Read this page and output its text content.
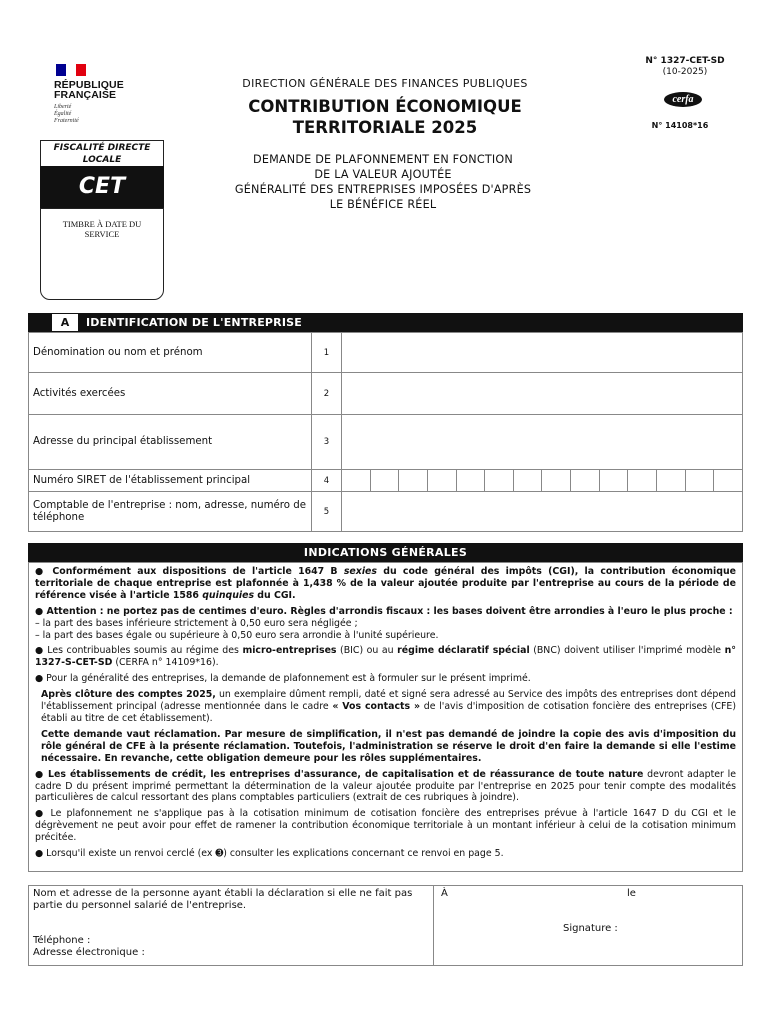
RÉPUBLIQUE
FRANÇAISE
Liberté
Égalité
Fraternité
DIRECTION GÉNÉRALE DES FINANCES PUBLIQUES
CONTRIBUTION ÉCONOMIQUE
TERRITORIALE 2025
N° 1327-CET-SD
(10-2025)
cerfa
N° 14108*16
FISCALITÉ DIRECTE
LOCALE
CET
TIMBRE À DATE DU
SERVICE
DEMANDE DE PLAFONNEMENT EN FONCTION
DE LA VALEUR AJOUTÉE
GÉNÉRALITÉ DES ENTREPRISES IMPOSÉES D'APRÈS
LE BÉNÉFICE RÉEL
A	IDENTIFICATION DE L'ENTREPRISE
Dénomination ou nom et prénom	1	
Activités exercées	2	
Adresse du principal établissement	3	
Numéro SIRET de l'établissement principal	4	

Comptable de l'entreprise : nom, adresse, numéro de téléphone	5	
INDICATIONS GÉNÉRALES

● Conformément aux dispositions de l'article 1647 B sexies du code général des impôts (CGI), la contribution économique territoriale de chaque entreprise est plafonnée à 1,438 % de la valeur ajoutée produite par l'entreprise au cours de la période de référence visée à l'article 1586 quinquies du CGI.

● Attention : ne portez pas de centimes d'euro. Règles d'arrondis fiscaux : les bases doivent être arrondies à l'euro le plus proche :

– la part des bases inférieure strictement à 0,50 euro sera négligée ;

– la part des bases égale ou supérieure à 0,50 euro sera arrondie à l'unité supérieure.

● Les contribuables soumis au régime des micro-entreprises (BIC) ou au régime déclaratif spécial (BNC) doivent utiliser l'imprimé modèle n° 1327-S-CET-SD (CERFA n° 14109*16).

● Pour la généralité des entreprises, la demande de plafonnement est à formuler sur le présent imprimé.

Après clôture des comptes 2025, un exemplaire dûment rempli, daté et signé sera adressé au Service des impôts des entreprises dont dépend l'établissement principal (adresse mentionnée dans le cadre « Vos contacts » de l'avis d'imposition de cotisation foncière des entreprises (CFE) établi au titre de cet établissement).

Cette demande vaut réclamation. Par mesure de simplification, il n'est pas demandé de joindre la copie des avis d'imposition du rôle général de CFE à la présente réclamation. Toutefois, l'administration se réserve le droit d'en faire la demande si elle l'estime nécessaire. En revanche, cette obligation demeure pour les rôles supplémentaires.

● Les établissements de crédit, les entreprises d'assurance, de capitalisation et de réassurance de toute nature devront adapter le cadre D du présent imprimé permettant la détermination de la valeur ajoutée produite par l'entreprise en 2025 pour tenir compte des modalités particulières de calcul ressortant des plans comptables particuliers (extrait de ces rubriques à joindre).

● Le plafonnement ne s'applique pas à la cotisation minimum de cotisation foncière des entreprises prévue à l'article 1647 D du CGI et le dégrèvement ne peut avoir pour effet de ramener la contribution économique territoriale à un montant inférieur à celui de la cotisation minimum précitée.

● Lorsqu'il existe un renvoi cerclé (ex ➌) consulter les explications concernant ce renvoi en page 5.

Nom et adresse de la personne ayant établi la déclaration si elle ne fait pas partie du personnel salarié de l'entreprise.
Téléphone :
Adresse électronique :
À	le
Signature :
